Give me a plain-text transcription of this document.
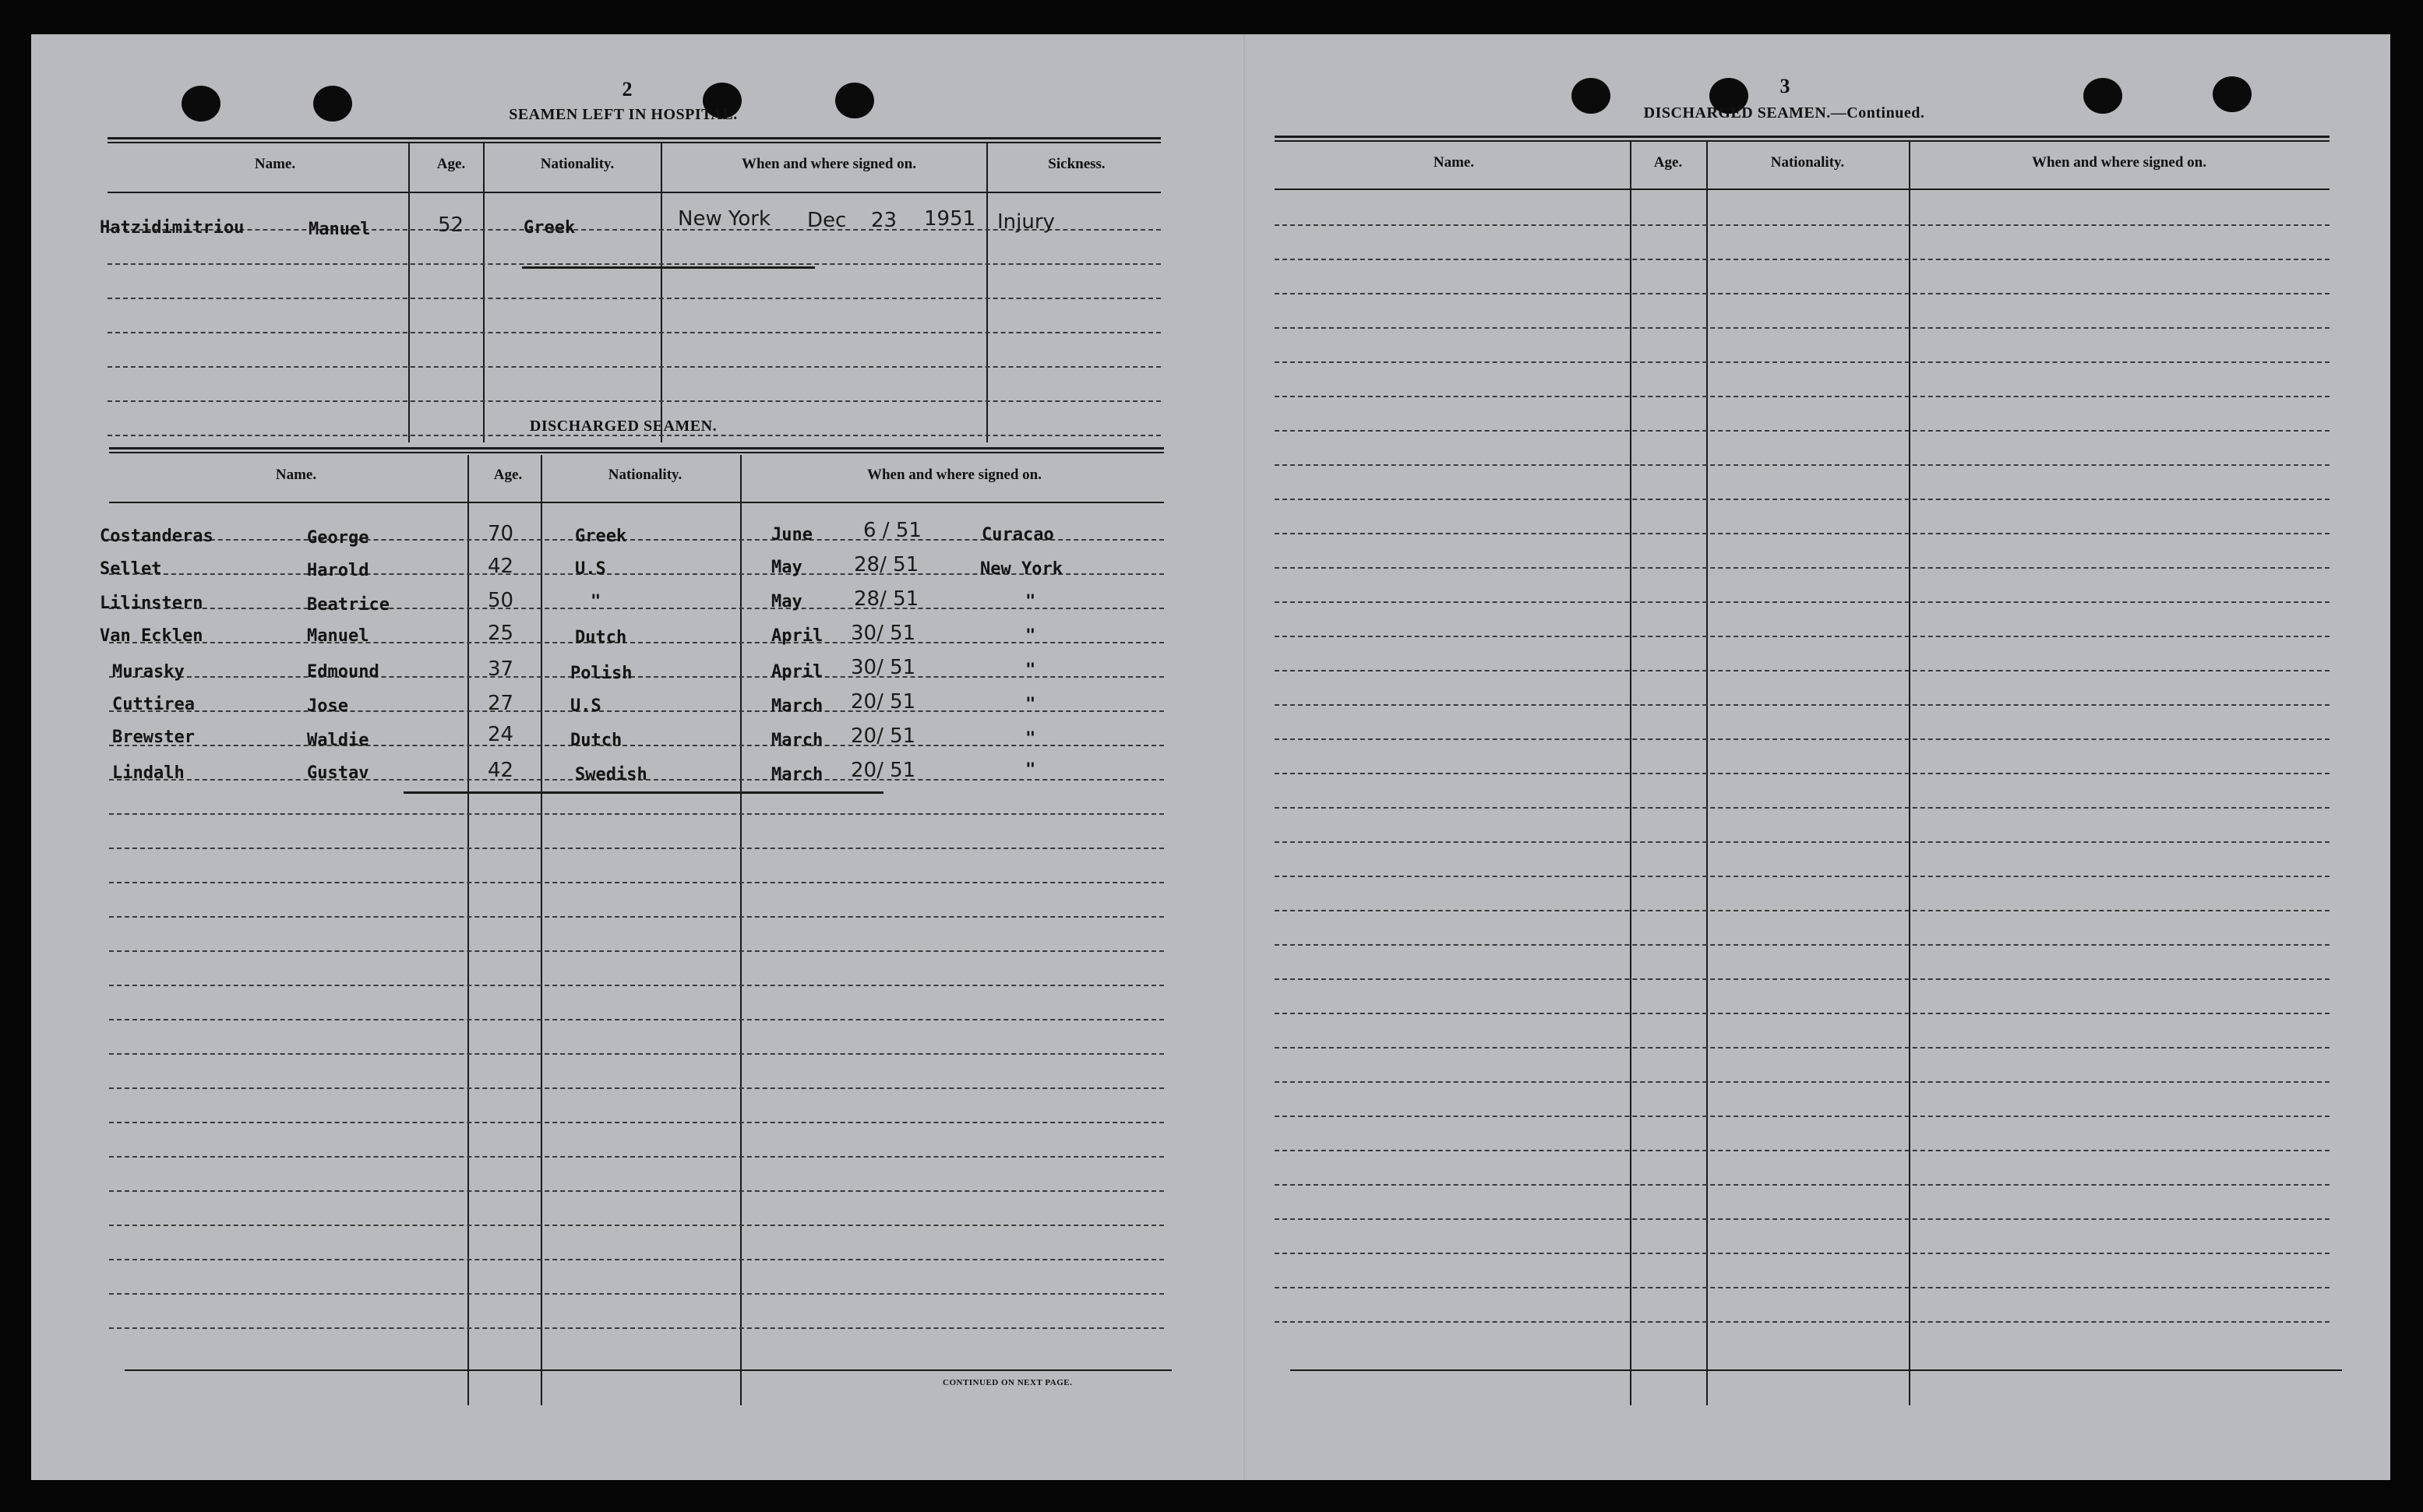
2
SEAMEN LEFT IN HOSPITAL.
Name.	Age.	Nationality.	When and where signed on.	Sickness.
Hatzidimitriou	Manuel	52	Greek	New York Dec 23 1951 Injury
DISCHARGED SEAMEN.
Name.	Age.	Nationality.	When and where signed on.
Costanderas	George	70	Greek	June	6 / 51	Curacao
Sellet	Harold	42	U.S	May	28/ 51	New York
Lilinstern	Beatrice	50	"	May	28/ 51	"
Van Ecklen	Manuel	25	Dutch	April 30/ 51	"
Murasky	Edmound	37	Polish	April 30/ 51	"
Cuttirea	Jose	27	U.S	March 20/ 51	"
Brewster	Waldie	24	Dutch	March 20/ 51	"
Lindalh	Gustav	42	Swedish	March 20/ 51	"
CONTINUED ON NEXT PAGE.
3
DISCHARGED SEAMEN.—Continued.
Name.	Age.	Nationality.	When and where signed on.
